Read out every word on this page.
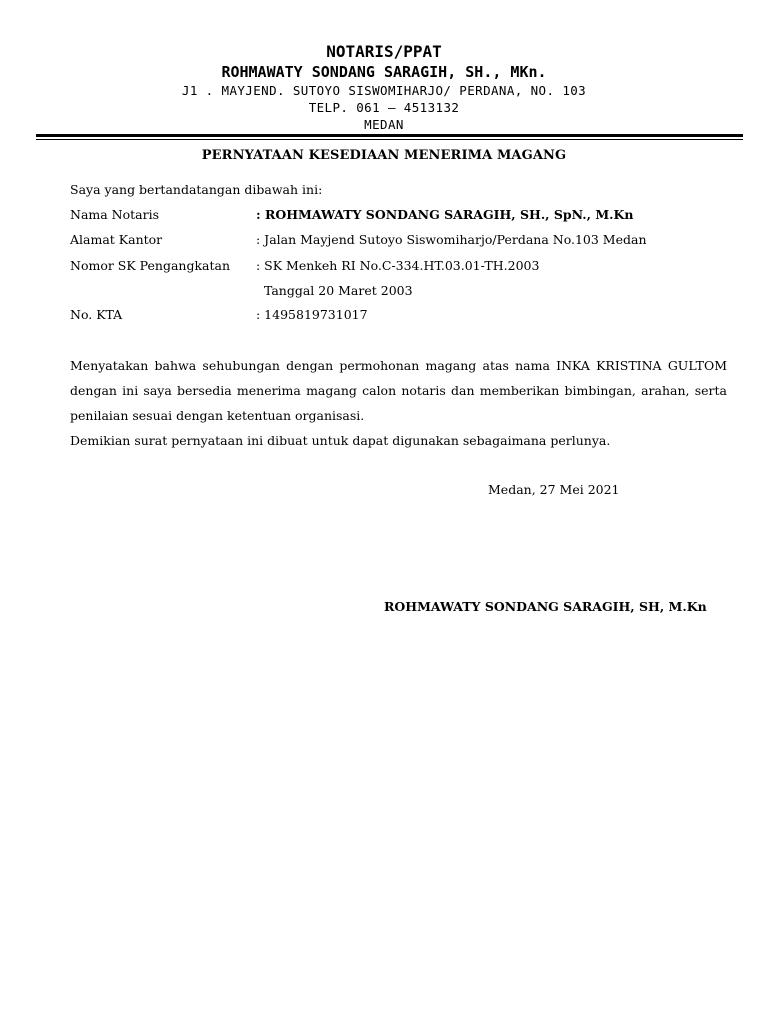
NOTARIS/PPAT

ROHMAWATY SONDANG SARAGIH, SH., MKn.

J1 . MAYJEND. SUTOYO SISWOMIHARJO/ PERDANA, NO. 103

TELP. 061 – 4513132

MEDAN

PERNYATAAN KESEDIAAN MENERIMA MAGANG
Saya yang bertandatangan dibawah ini:
Nama Notaris	: ROHMAWATY SONDANG SARAGIH, SH., SpN., M.Kn
Alamat Kantor	: Jalan Mayjend Sutoyo Siswomiharjo/Perdana No.103 Medan
Nomor SK Pengangkatan : SK Menkeh RI No.C-334.HT.03.01-TH.2003
Tanggal 20 Maret 2003
No. KTA	: 1495819731017
Menyatakan bahwa sehubungan dengan permohonan magang atas nama INKA KRISTINA GULTOM dengan ini saya bersedia menerima magang calon notaris dan memberikan bimbingan, arahan, serta penilaian sesuai dengan ketentuan organisasi.
Demikian surat pernyataan ini dibuat untuk dapat digunakan sebagaimana perlunya.
Medan, 27 Mei 2021
ROHMAWATY SONDANG SARAGIH, SH, M.Kn
